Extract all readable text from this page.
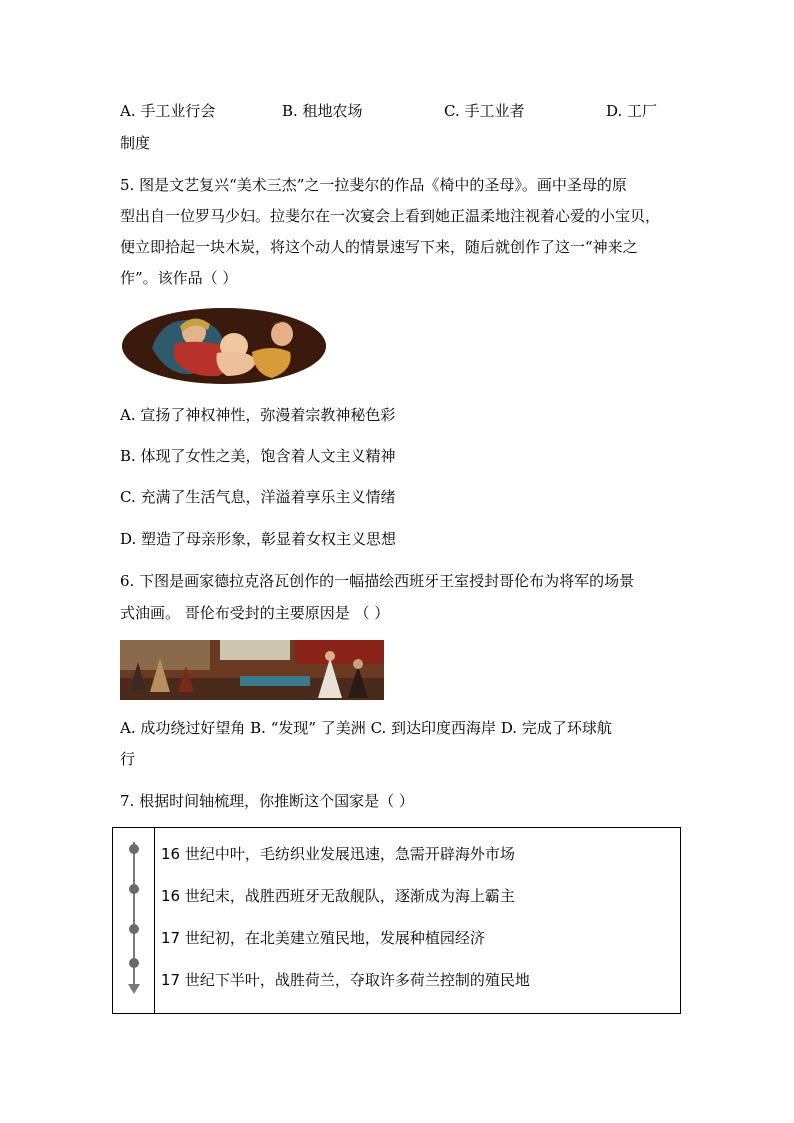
A. 手工业行会	B. 租地农场	C. 手工业者	D. 工厂
制度
5. 图是文艺复兴“美术三杰”之一拉斐尔的作品《椅中的圣母》。画中圣母的原
型出自一位罗马少妇。拉斐尔在一次宴会上看到她正温柔地注视着心爱的小宝贝，
便立即拾起一块木炭，将这个动人的情景速写下来，随后就创作了这一“神来之
作”。该作品（ ）
A. 宣扬了神权神性，弥漫着宗教神秘色彩
B. 体现了女性之美，饱含着人文主义精神
C. 充满了生活气息，洋溢着享乐主义情绪
D. 塑造了母亲形象，彰显着女权主义思想
6. 下图是画家德拉克洛瓦创作的一幅描绘西班牙王室授封哥伦布为将军的场景
式油画。 哥伦布受封的主要原因是 （ ）
A. 成功绕过好望角 B. “发现” 了美洲 C. 到达印度西海岸 D. 完成了环球航
行
7. 根据时间轴梳理，你推断这个国家是（ ）
16 世纪中叶，毛纺织业发展迅速，急需开辟海外市场
16 世纪末，战胜西班牙无敌舰队，逐渐成为海上霸主
17 世纪初，在北美建立殖民地，发展种植园经济
17 世纪下半叶，战胜荷兰，夺取许多荷兰控制的殖民地
